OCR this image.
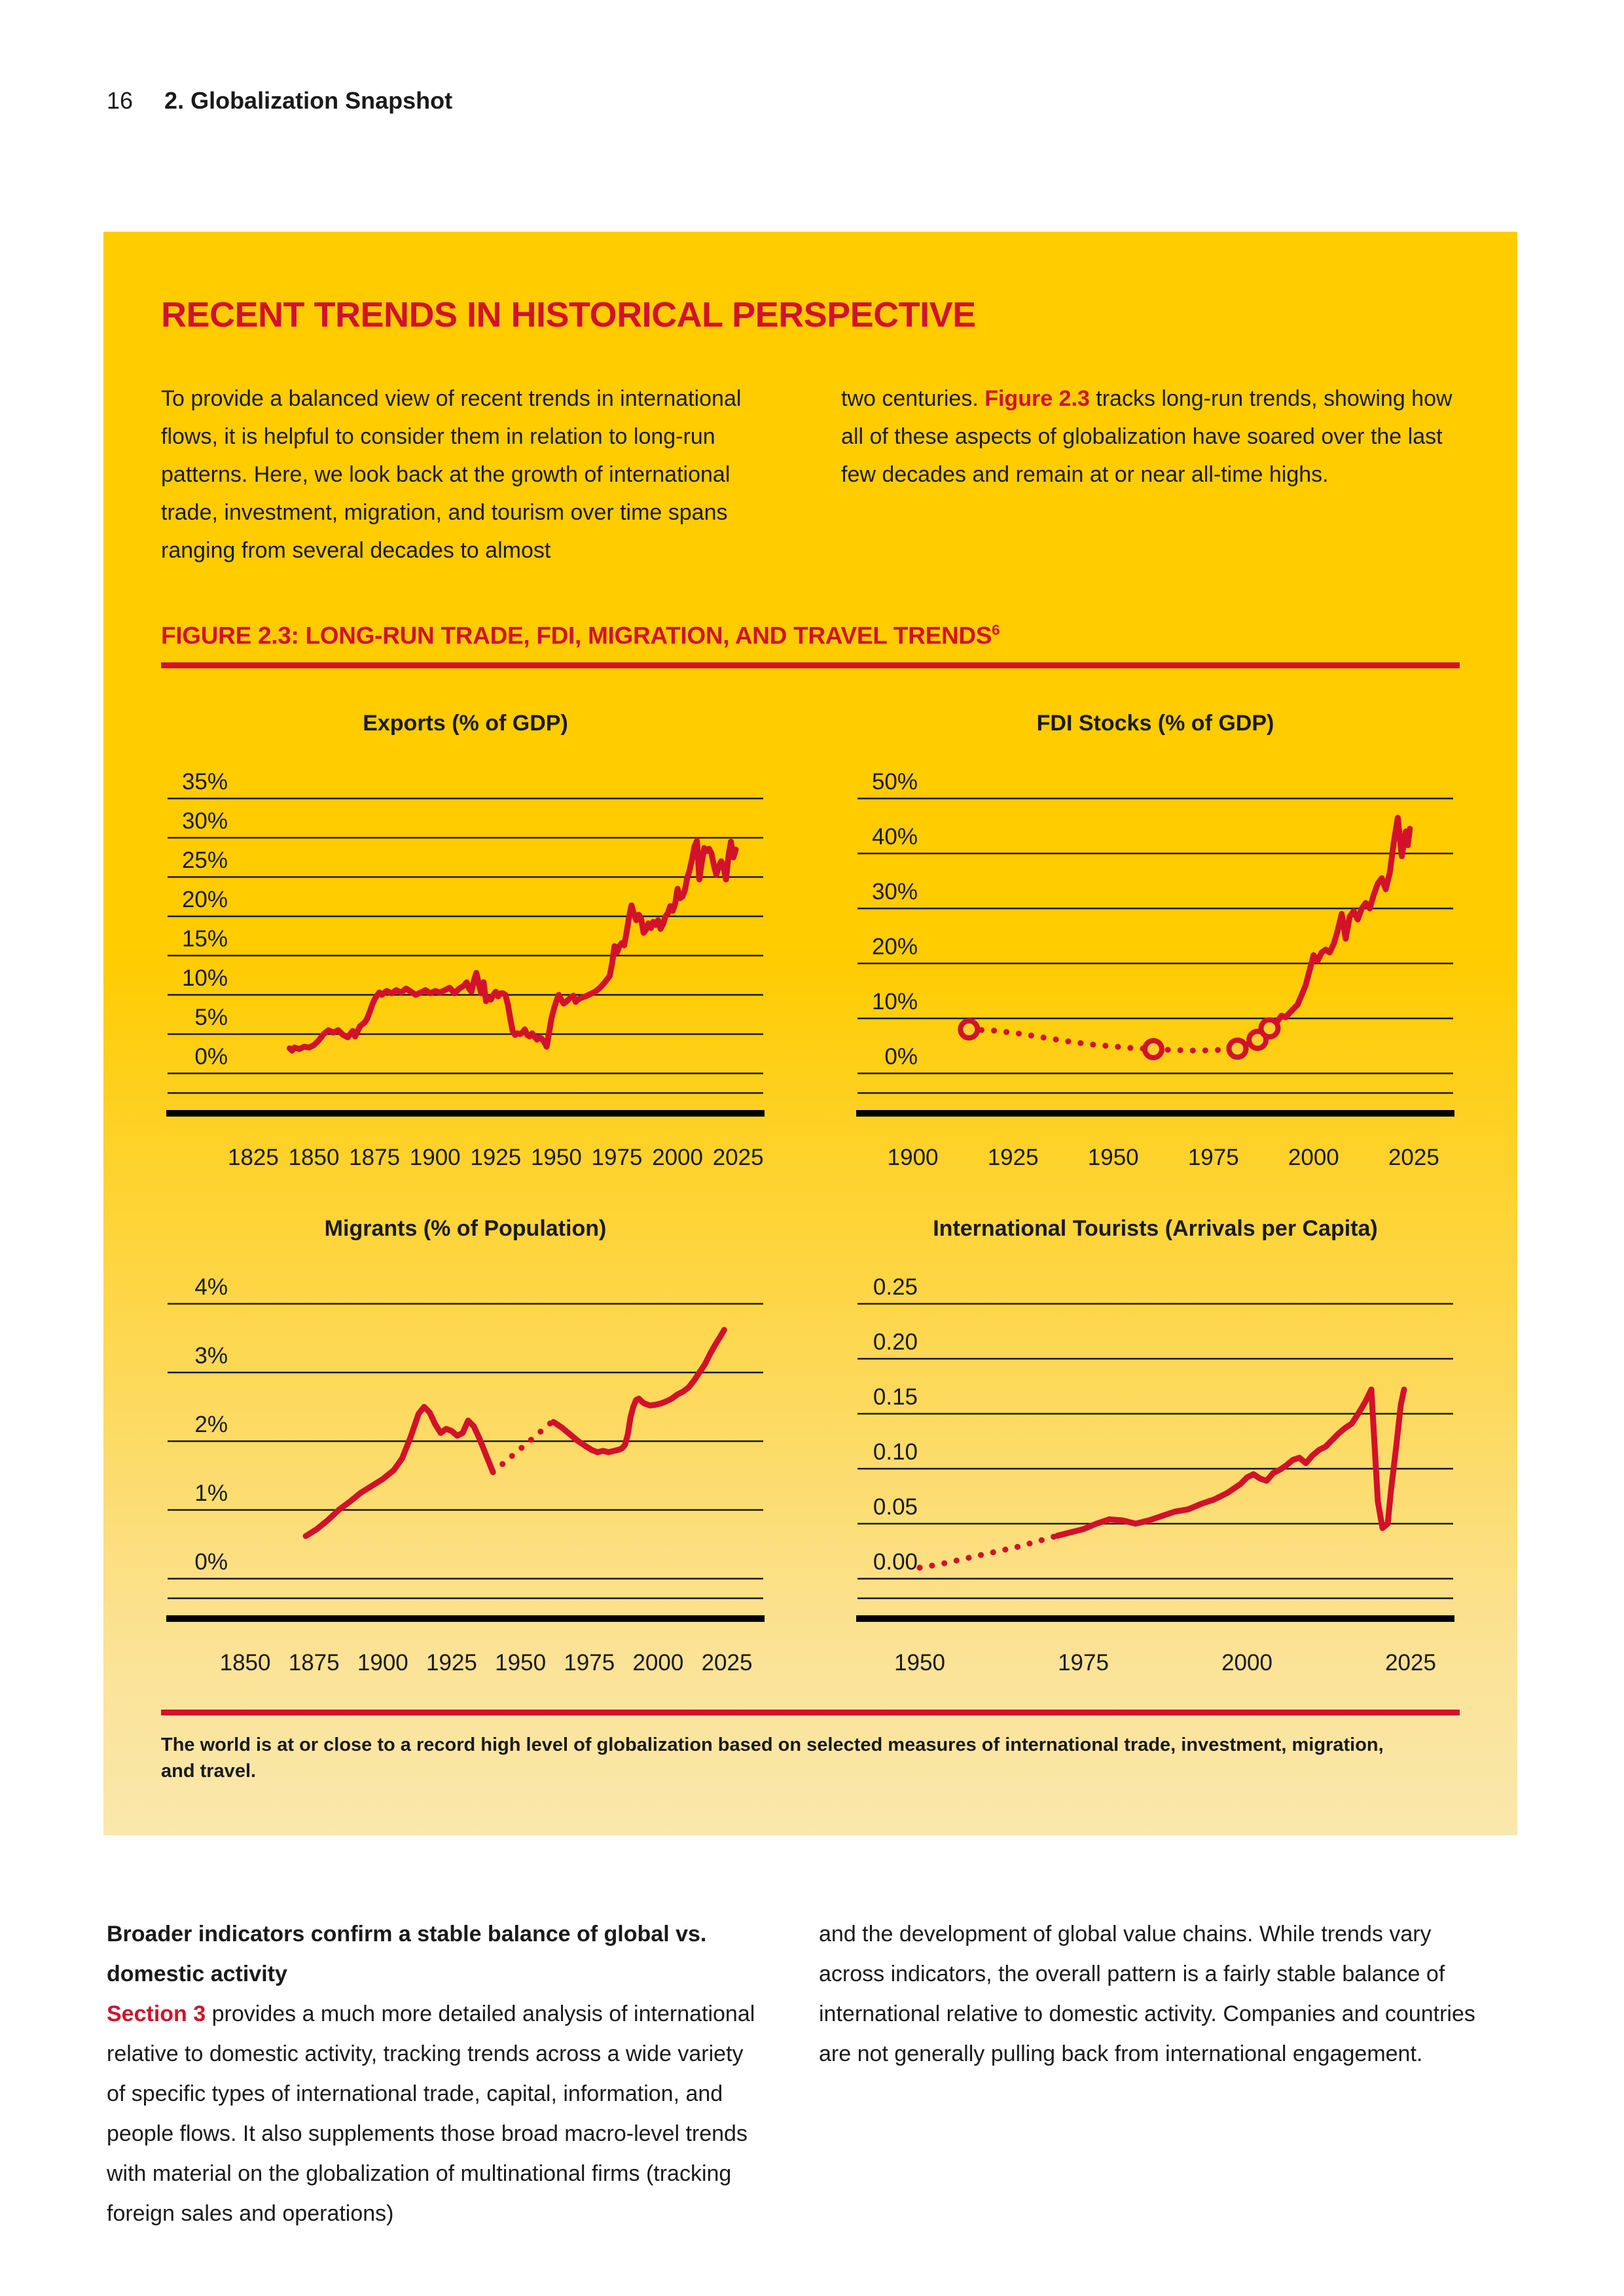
16 2. Globalization Snapshot
RECENT TRENDS IN HISTORICAL PERSPECTIVE

To provide a balanced view of recent trends in international flows, it is helpful to consider them in relation to long-run patterns. Here, we look back at the growth of international trade, investment, migration, and tourism over time spans ranging from several decades to almost

two centuries. Figure 2.3 tracks long-run trends, showing how all of these aspects of globalization have soared over the last few decades and remain at or near all-time highs.

FIGURE 2.3: LONG-RUN TRADE, FDI, MIGRATION, AND TRAVEL TRENDS$^6$
Exports (% of GDP)
35%
30%
25%
20%
15%
10%
5%
0%
1825 1850 1875 1900 1925 1950 1975 2000 2025
FDI Stocks (% of GDP)
50%
40%
30%
20%
10%
0%
1900 1925 1950 1975 2000 2025
Migrants (% of Population)
4%
3%
2%
1%
0%
1850 1875 1900 1925 1950 1975 2000 2025
International Tourists (Arrivals per Capita)
0.25
0.20
0.15
0.10
0.05
0.00
1950	1975	2000	2025
The world is at or close to a record high level of globalization based on selected measures of international trade, investment, migration, and travel.
Broader indicators confirm a stable balance of global vs. domestic activity

Section 3 provides a much more detailed analysis of international relative to domestic activity, tracking trends across a wide variety of specific types of international trade, capital, information, and people flows. It also supplements those broad macro-level trends with material on the globalization of multinational firms (tracking foreign sales and operations)

and the development of global value chains. While trends vary across indicators, the overall pattern is a fairly stable balance of international relative to domestic activity. Companies and countries are not generally pulling back from international engagement.
